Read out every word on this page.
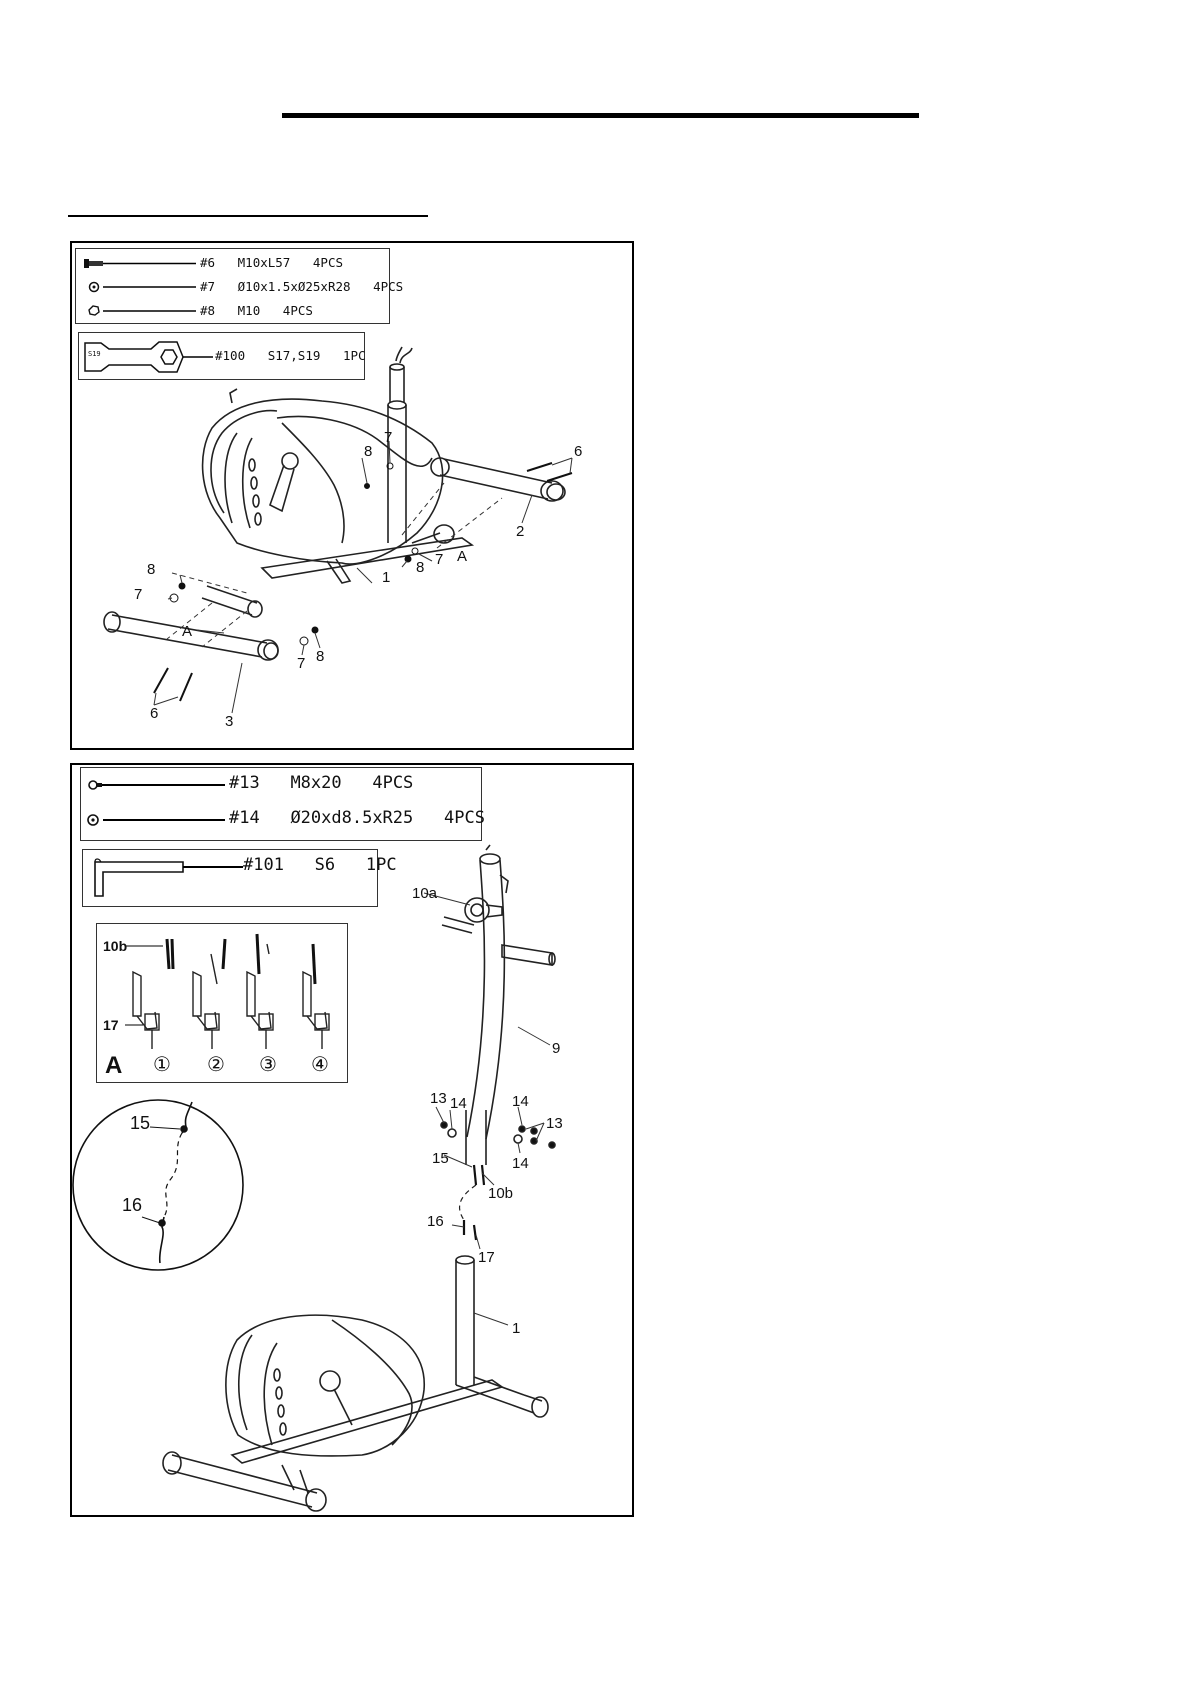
#6 M10xL57 4PCS
#7 Ø10x1.5xØ25xR28 4PCS
#8 M10 4PCS
S19	#100 S17,S19 1PC
8
7
8
7
A
8
7
1
8 7 A
6
2
6	3
#13 M8x20 4PCS
#14 Ø20xd8.5xR25 4PCS
#101 S6 1PC
10b
17
A ① ② ③ ④
15
16
10a
9
13 14	14
13
14
15
10b
16
17
1
